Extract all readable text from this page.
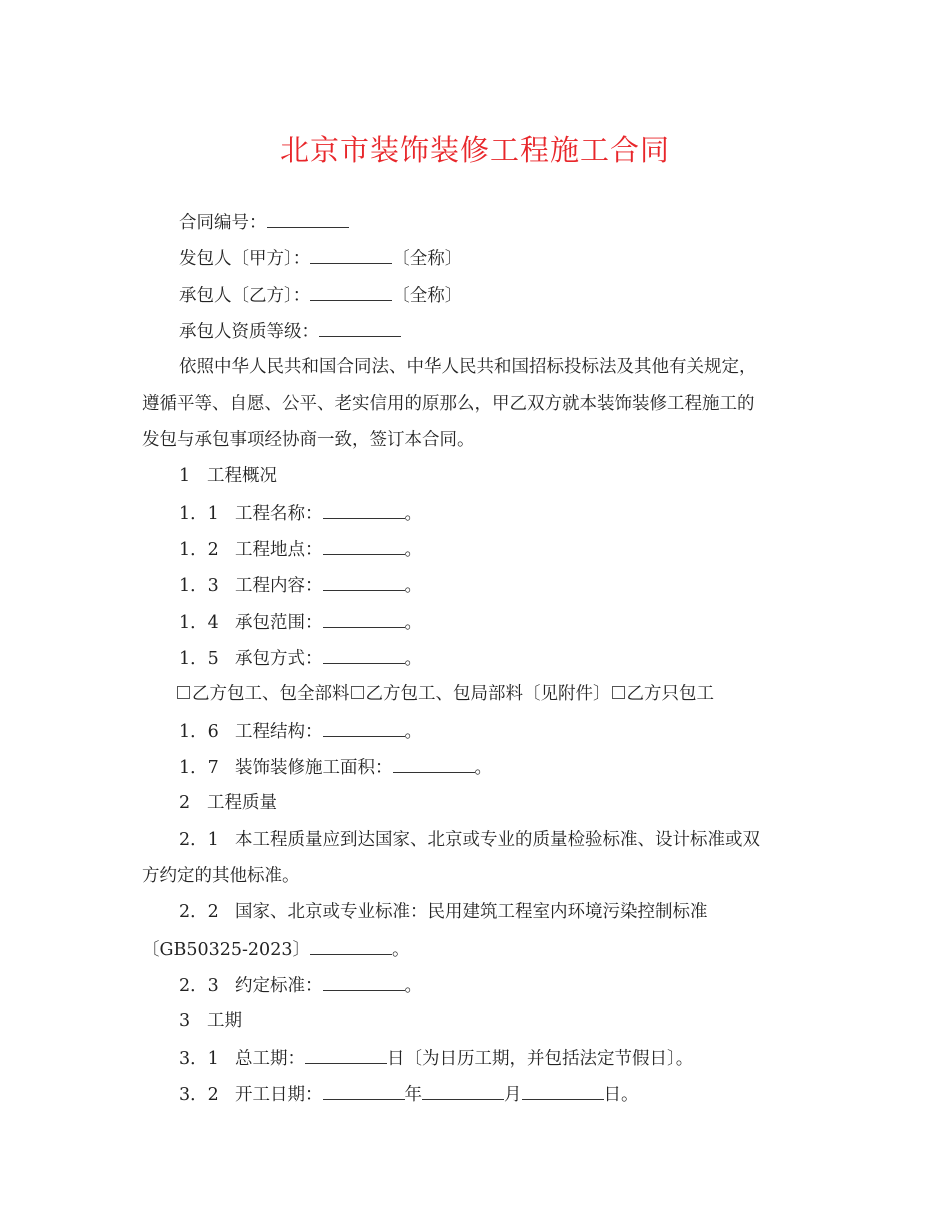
北京市装饰装修工程施工合同
合同编号：
发包人〔甲方〕：	〔全称〕
承包人〔乙方〕：	〔全称〕
承包人资质等级：
依照中华人民共和国合同法、中华人民共和国招标投标法及其他有关规定，
遵循平等、自愿、公平、老实信用的原那么，甲乙双方就本装饰装修工程施工的
发包与承包事项经协商一致，签订本合同。
1 工程概况
1．1 工程名称：	。
1．2 工程地点：	。
1．3 工程内容：	。
1．4 承包范围：	。
1．5 承包方式：	。
乙方包工、包全部料 乙方包工、包局部料〔见附件〕 乙方只包工
1．6 工程结构：	。
1．7 装饰装修施工面积：	。
2 工程质量
2．1 本工程质量应到达国家、北京或专业的质量检验标准、设计标准或双
方约定的其他标准。
2．2 国家、北京或专业标准：民用建筑工程室内环境污染控制标准
〔GB50325-2023〕	。
2．3 约定标准：	。
3 工期
3．1 总工期：	日〔为日历工期，并包括法定节假日〕。
3．2 开工日期：	年	月	日。
